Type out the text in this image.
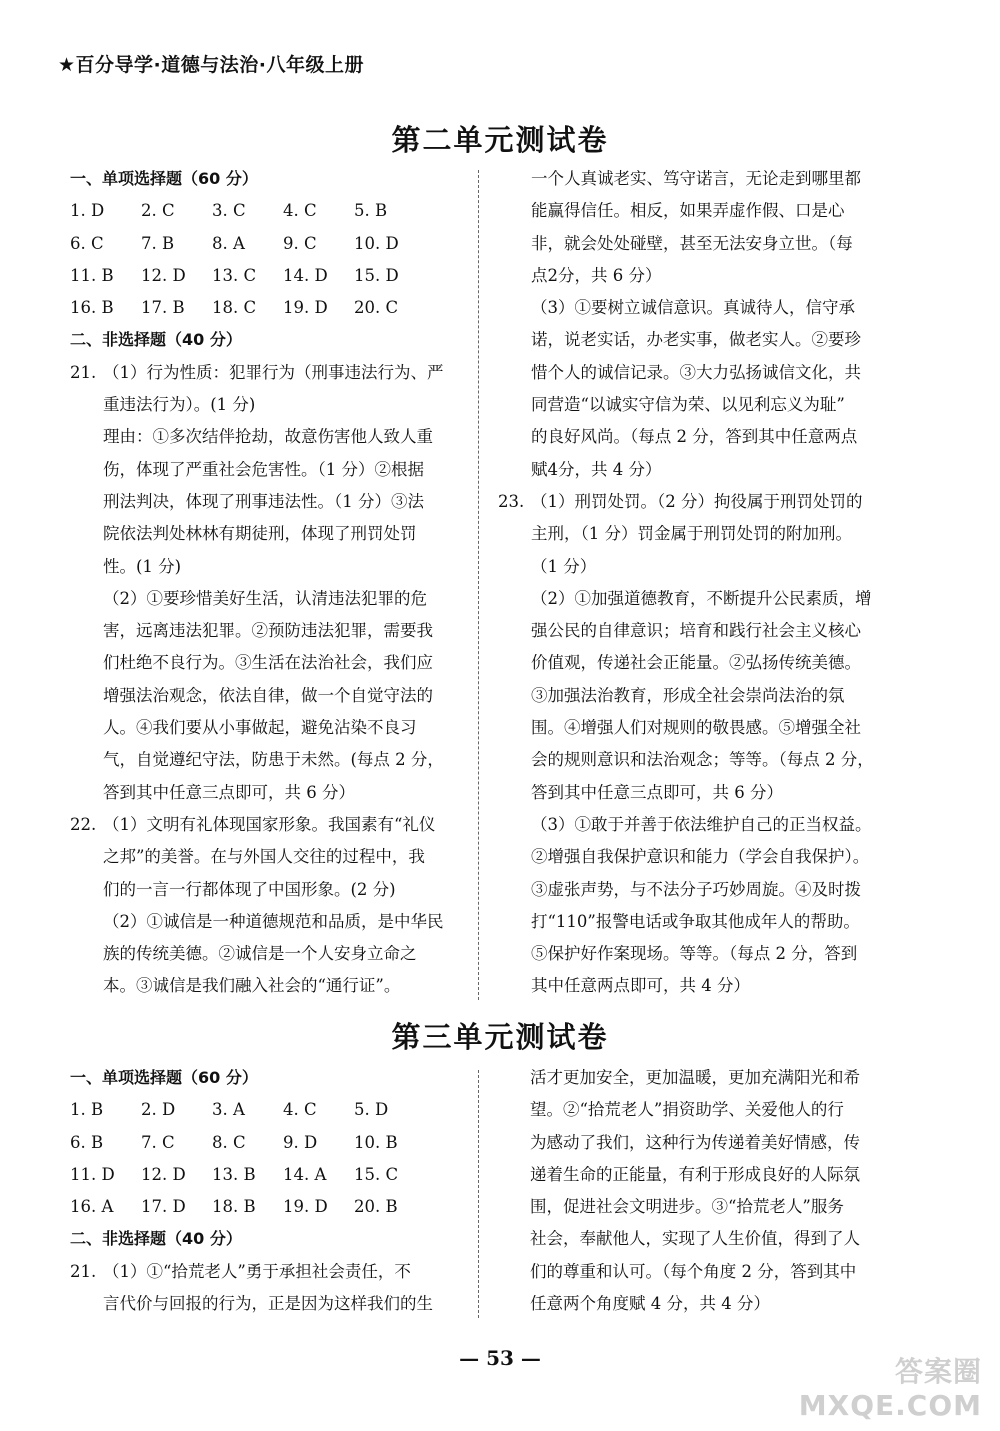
★百分导学·道德与法治·八年级上册
第二单元测试卷

一、单项选择题（60 分）

1. D	2. C	3. C	4. C	5. B

6. C	7. B	8. A	9. C	10. D

11. B	12. D	13. C	14. D	15. D

16. B	17. B	18. C	19. D	20. C

二、非选择题（40 分）

21. （1）行为性质：犯罪行为（刑事违法行为、严

重违法行为）。(1 分)

理由：①多次结伴抢劫，故意伤害他人致人重

伤，体现了严重社会危害性。（1 分）②根据

刑法判决，体现了刑事违法性。（1 分）③法

院依法判处林林有期徒刑，体现了刑罚处罚

性。(1 分)

（2）①要珍惜美好生活，认清违法犯罪的危

害，远离违法犯罪。②预防违法犯罪，需要我

们杜绝不良行为。③生活在法治社会，我们应

增强法治观念，依法自律，做一个自觉守法的

人。④我们要从小事做起，避免沾染不良习

气，自觉遵纪守法，防患于未然。(每点 2 分，

答到其中任意三点即可，共 6 分）

22. （1）文明有礼体现国家形象。我国素有“礼仪

之邦”的美誉。在与外国人交往的过程中，我

们的一言一行都体现了中国形象。(2 分)

（2）①诚信是一种道德规范和品质，是中华民

族的传统美德。②诚信是一个人安身立命之

本。③诚信是我们融入社会的“通行证”。

一个人真诚老实、笃守诺言，无论走到哪里都

能赢得信任。相反，如果弄虚作假、口是心

非，就会处处碰壁，甚至无法安身立世。（每

点2分，共 6 分）

（3）①要树立诚信意识。真诚待人，信守承

诺，说老实话，办老实事，做老实人。②要珍

惜个人的诚信记录。③大力弘扬诚信文化，共

同营造“以诚实守信为荣、以见利忘义为耻”

的良好风尚。（每点 2 分，答到其中任意两点

赋4分，共 4 分）

23. （1）刑罚处罚。（2 分）拘役属于刑罚处罚的

主刑，（1 分）罚金属于刑罚处罚的附加刑。

（1 分）

（2）①加强道德教育，不断提升公民素质，增

强公民的自律意识；培育和践行社会主义核心

价值观，传递社会正能量。②弘扬传统美德。

③加强法治教育，形成全社会崇尚法治的氛

围。④增强人们对规则的敬畏感。⑤增强全社

会的规则意识和法治观念；等等。（每点 2 分，

答到其中任意三点即可，共 6 分）

（3）①敢于并善于依法维护自己的正当权益。

②增强自我保护意识和能力（学会自我保护）。

③虚张声势，与不法分子巧妙周旋。④及时拨

打“110”报警电话或争取其他成年人的帮助。

⑤保护好作案现场。等等。（每点 2 分，答到

其中任意两点即可，共 4 分）

第三单元测试卷

一、单项选择题（60 分）

1. B	2. D	3. A	4. C	5. D

6. B	7. C	8. C	9. D	10. B

11. D	12. D	13. B	14. A	15. C

16. A	17. D	18. B	19. D	20. B

二、非选择题（40 分）

21. （1）①“拾荒老人”勇于承担社会责任，不

言代价与回报的行为，正是因为这样我们的生

活才更加安全，更加温暖，更加充满阳光和希

望。②“拾荒老人”捐资助学、关爱他人的行

为感动了我们，这种行为传递着美好情感，传

递着生命的正能量，有利于形成良好的人际氛

围，促进社会文明进步。③“拾荒老人”服务

社会，奉献他人，实现了人生价值，得到了人

们的尊重和认可。（每个角度 2 分，答到其中

任意两个角度赋 4 分，共 4 分）

— 53 —	答案圈
MXQE.COM
